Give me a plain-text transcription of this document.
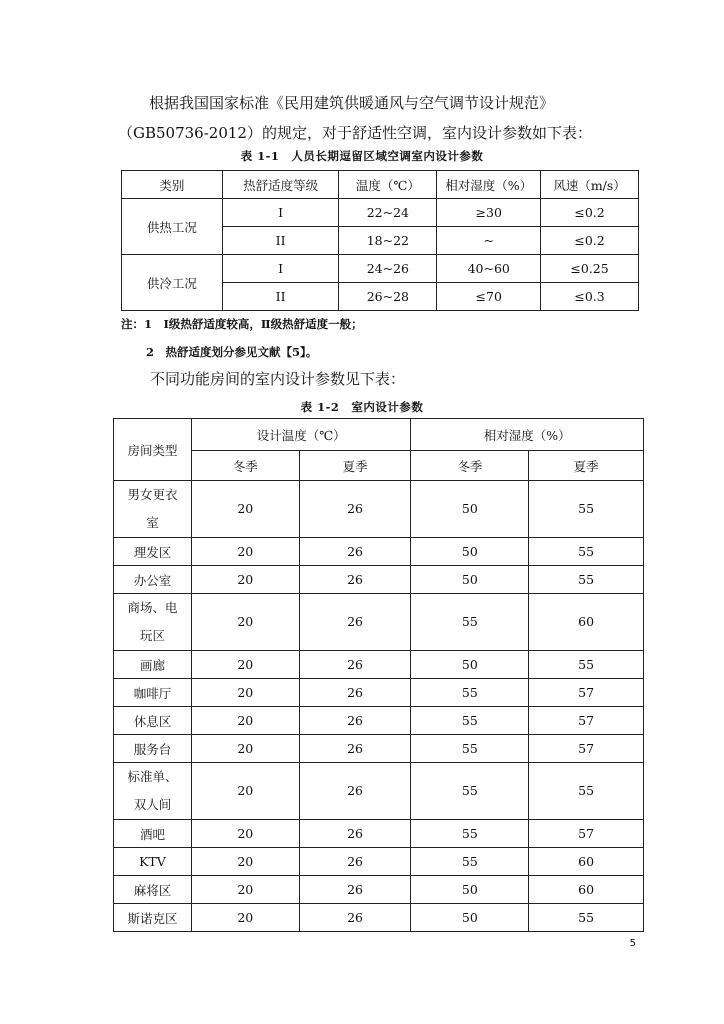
根据我国国家标准《民用建筑供暖通风与空气调节设计规范》（GB50736-2012）的规定，对于舒适性空调，室内设计参数如下表：
表 1-1　人员长期逗留区域空调室内设计参数
类别	热舒适度等级	温度（℃）	相对湿度（%）	风速（m/s）
供热工况	I	22~24	≥30	≤0.2
	II	18~22	~	≤0.2
供冷工况	I	24~26	40~60	≤0.25
	II	26~28	≤70	≤0.3
注：1　Ⅰ级热舒适度较高，Ⅱ级热舒适度一般；
2　热舒适度划分参见文献【5】。
不同功能房间的室内设计参数见下表：
表 1-2　室内设计参数
房间类型	设计温度（℃）		相对湿度（%）	
	冬季	夏季	冬季	夏季
男女更衣室	20	26	50	55
理发区	20	26	50	55
办公室	20	26	50	55
商场、电玩区	20	26	55	60
画廊	20	26	50	55
咖啡厅	20	26	55	57
休息区	20	26	55	57
服务台	20	26	55	57
标准单、双人间	20	26	55	55
酒吧	20	26	55	57
KTV	20	26	55	60
麻将区	20	26	50	60
斯诺克区	20	26	50	55
5
